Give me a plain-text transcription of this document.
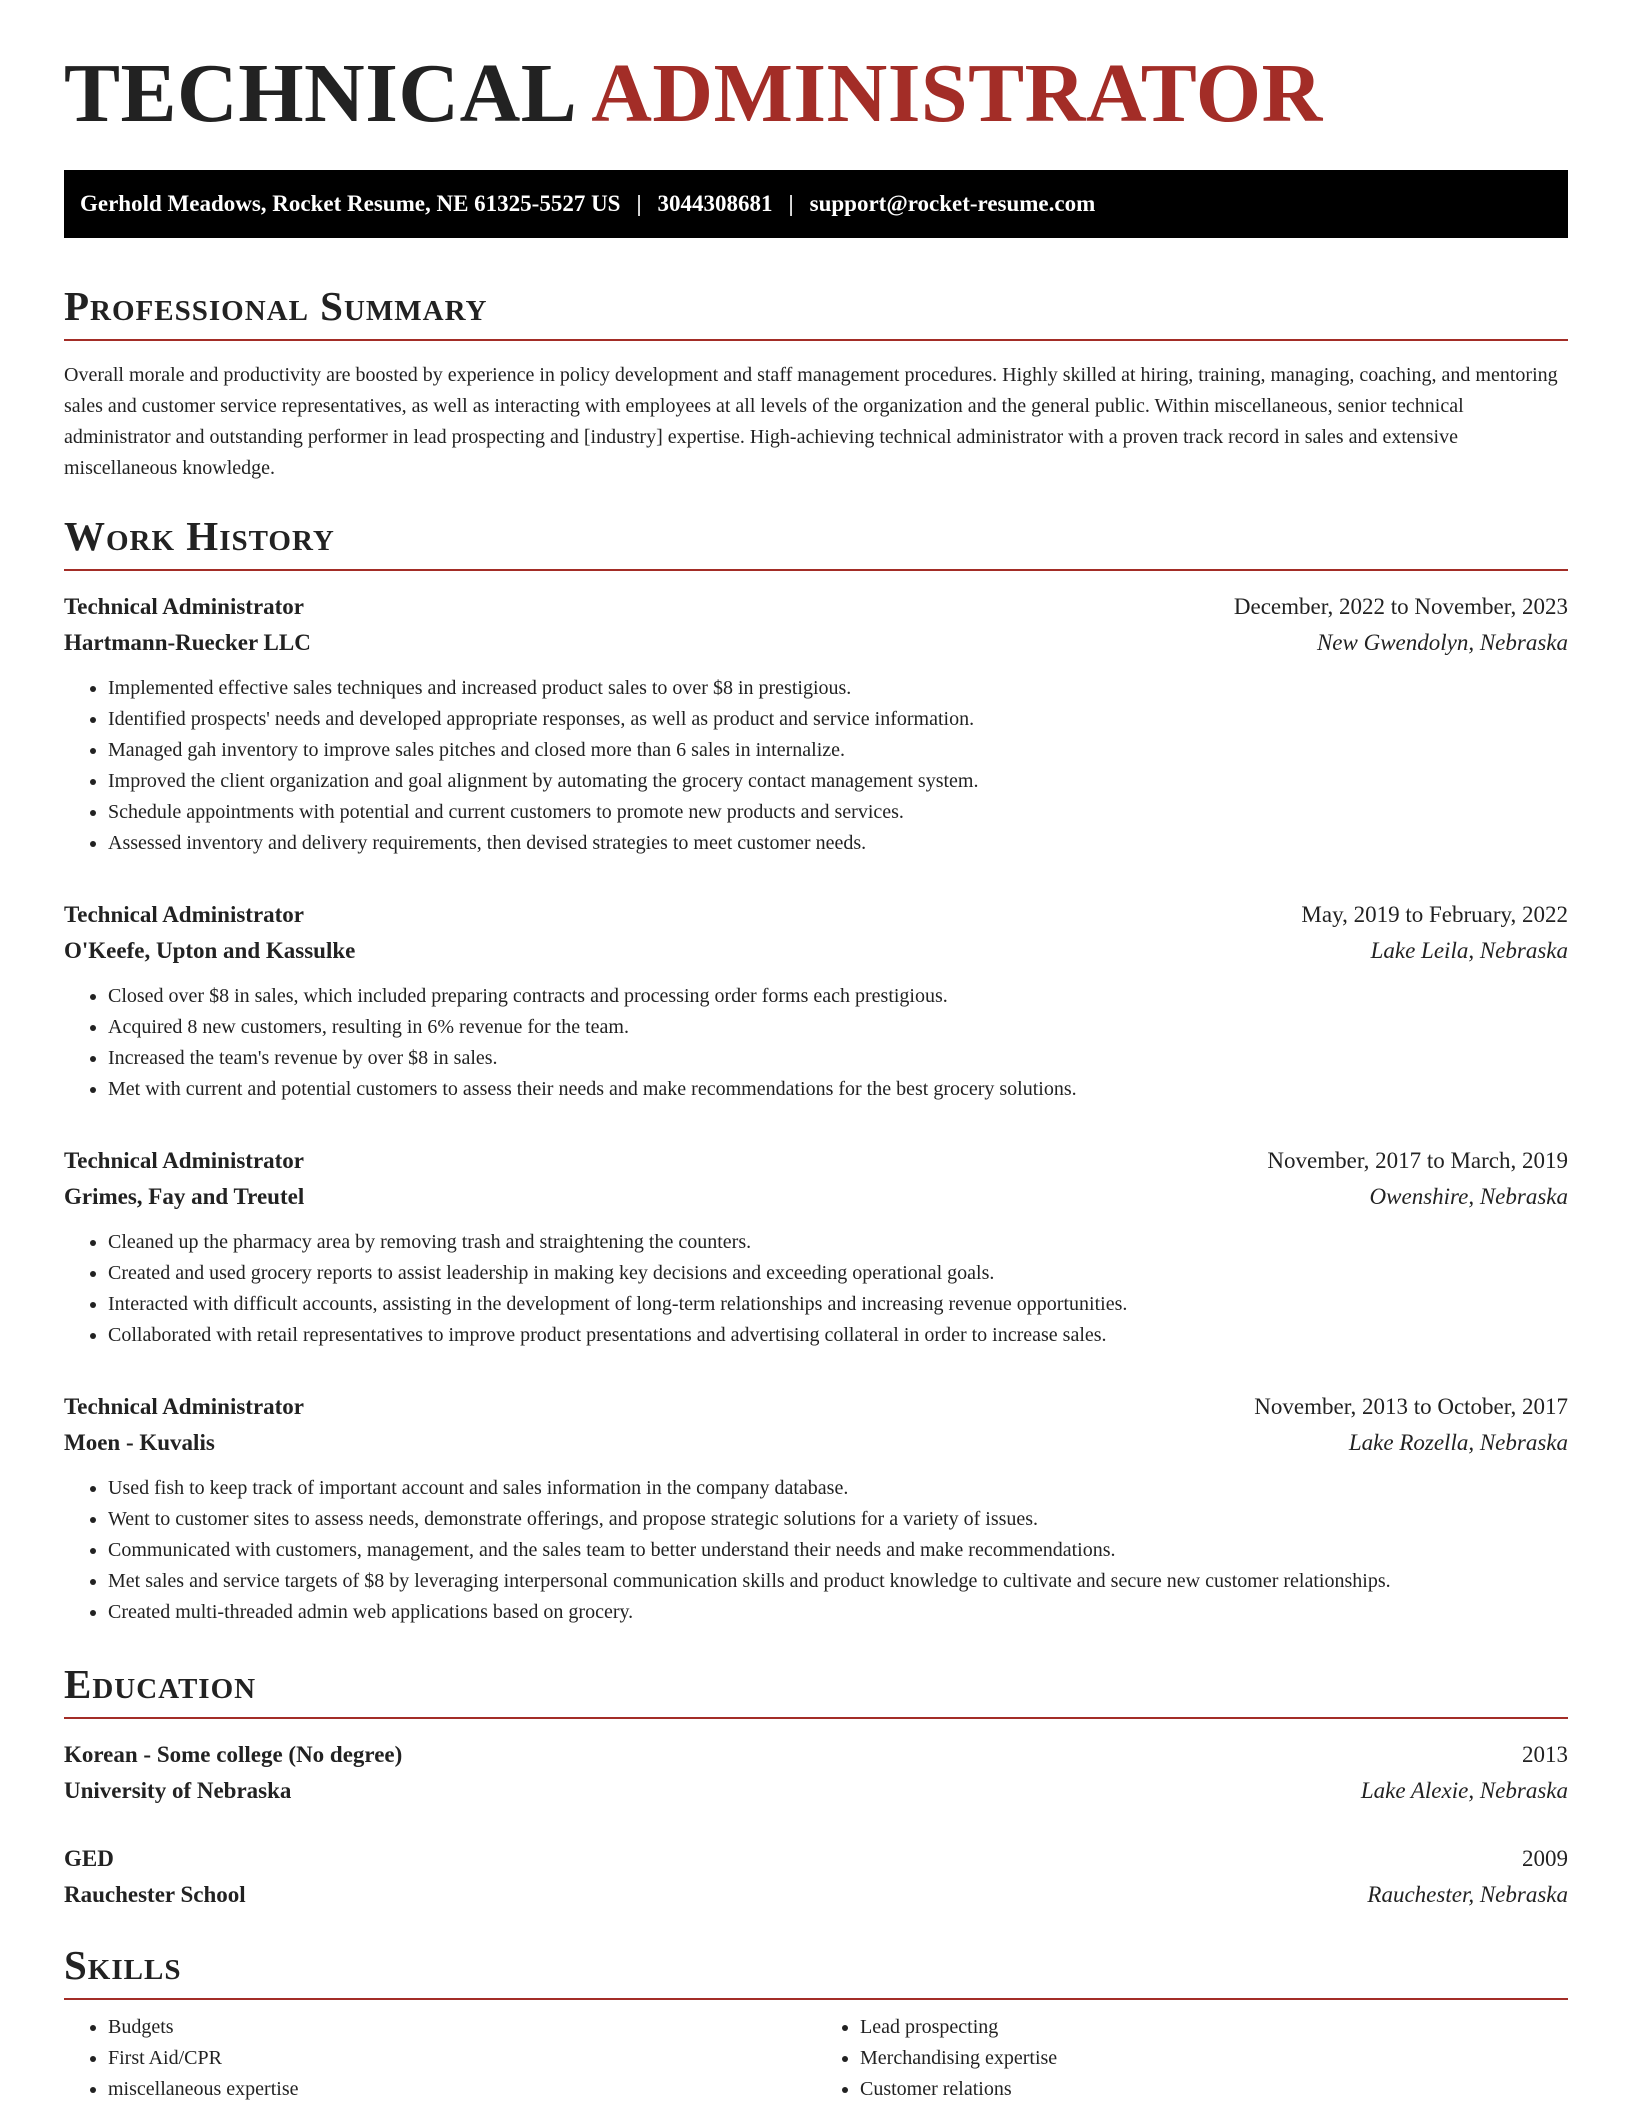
TECHNICAL ADMINISTRATOR
Gerhold Meadows, Rocket Resume, NE 61325-5527 US | 3044308681 | support@rocket-resume.com
Professional Summary

Overall morale and productivity are boosted by experience in policy development and staff management procedures. Highly skilled at hiring, training, managing, coaching, and mentoring sales and customer service representatives, as well as interacting with employees at all levels of the organization and the general public. Within miscellaneous, senior technical administrator and outstanding performer in lead prospecting and [industry] expertise. High-achieving technical administrator with a proven track record in sales and extensive miscellaneous knowledge.

Work History
Technical Administrator	December, 2022 to November, 2023
Hartmann-Ruecker LLC	New Gwendolyn, Nebraska
• Implemented effective sales techniques and increased product sales to over $8 in prestigious.
• Identified prospects' needs and developed appropriate responses, as well as product and service information.
• Managed gah inventory to improve sales pitches and closed more than 6 sales in internalize.
• Improved the client organization and goal alignment by automating the grocery contact management system.
• Schedule appointments with potential and current customers to promote new products and services.
• Assessed inventory and delivery requirements, then devised strategies to meet customer needs.
Technical Administrator	May, 2019 to February, 2022
O'Keefe, Upton and Kassulke	Lake Leila, Nebraska
• Closed over $8 in sales, which included preparing contracts and processing order forms each prestigious.
• Acquired 8 new customers, resulting in 6% revenue for the team.
• Increased the team's revenue by over $8 in sales.
• Met with current and potential customers to assess their needs and make recommendations for the best grocery solutions.
Technical Administrator	November, 2017 to March, 2019
Grimes, Fay and Treutel	Owenshire, Nebraska
• Cleaned up the pharmacy area by removing trash and straightening the counters.
• Created and used grocery reports to assist leadership in making key decisions and exceeding operational goals.
• Interacted with difficult accounts, assisting in the development of long-term relationships and increasing revenue opportunities.
• Collaborated with retail representatives to improve product presentations and advertising collateral in order to increase sales.
Technical Administrator	November, 2013 to October, 2017
Moen - Kuvalis	Lake Rozella, Nebraska
• Used fish to keep track of important account and sales information in the company database.
• Went to customer sites to assess needs, demonstrate offerings, and propose strategic solutions for a variety of issues.
• Communicated with customers, management, and the sales team to better understand their needs and make recommendations.
• Met sales and service targets of $8 by leveraging interpersonal communication skills and product knowledge to cultivate and secure new customer relationships.
• Created multi-threaded admin web applications based on grocery.
Education
Korean - Some college (No degree)	2013
University of Nebraska	Lake Alexie, Nebraska
GED	2009
Rauchester School	Rauchester, Nebraska
Skills
• Budgets
• First Aid/CPR
• miscellaneous expertise
• Lead prospecting
• Merchandising expertise
• Customer relations
